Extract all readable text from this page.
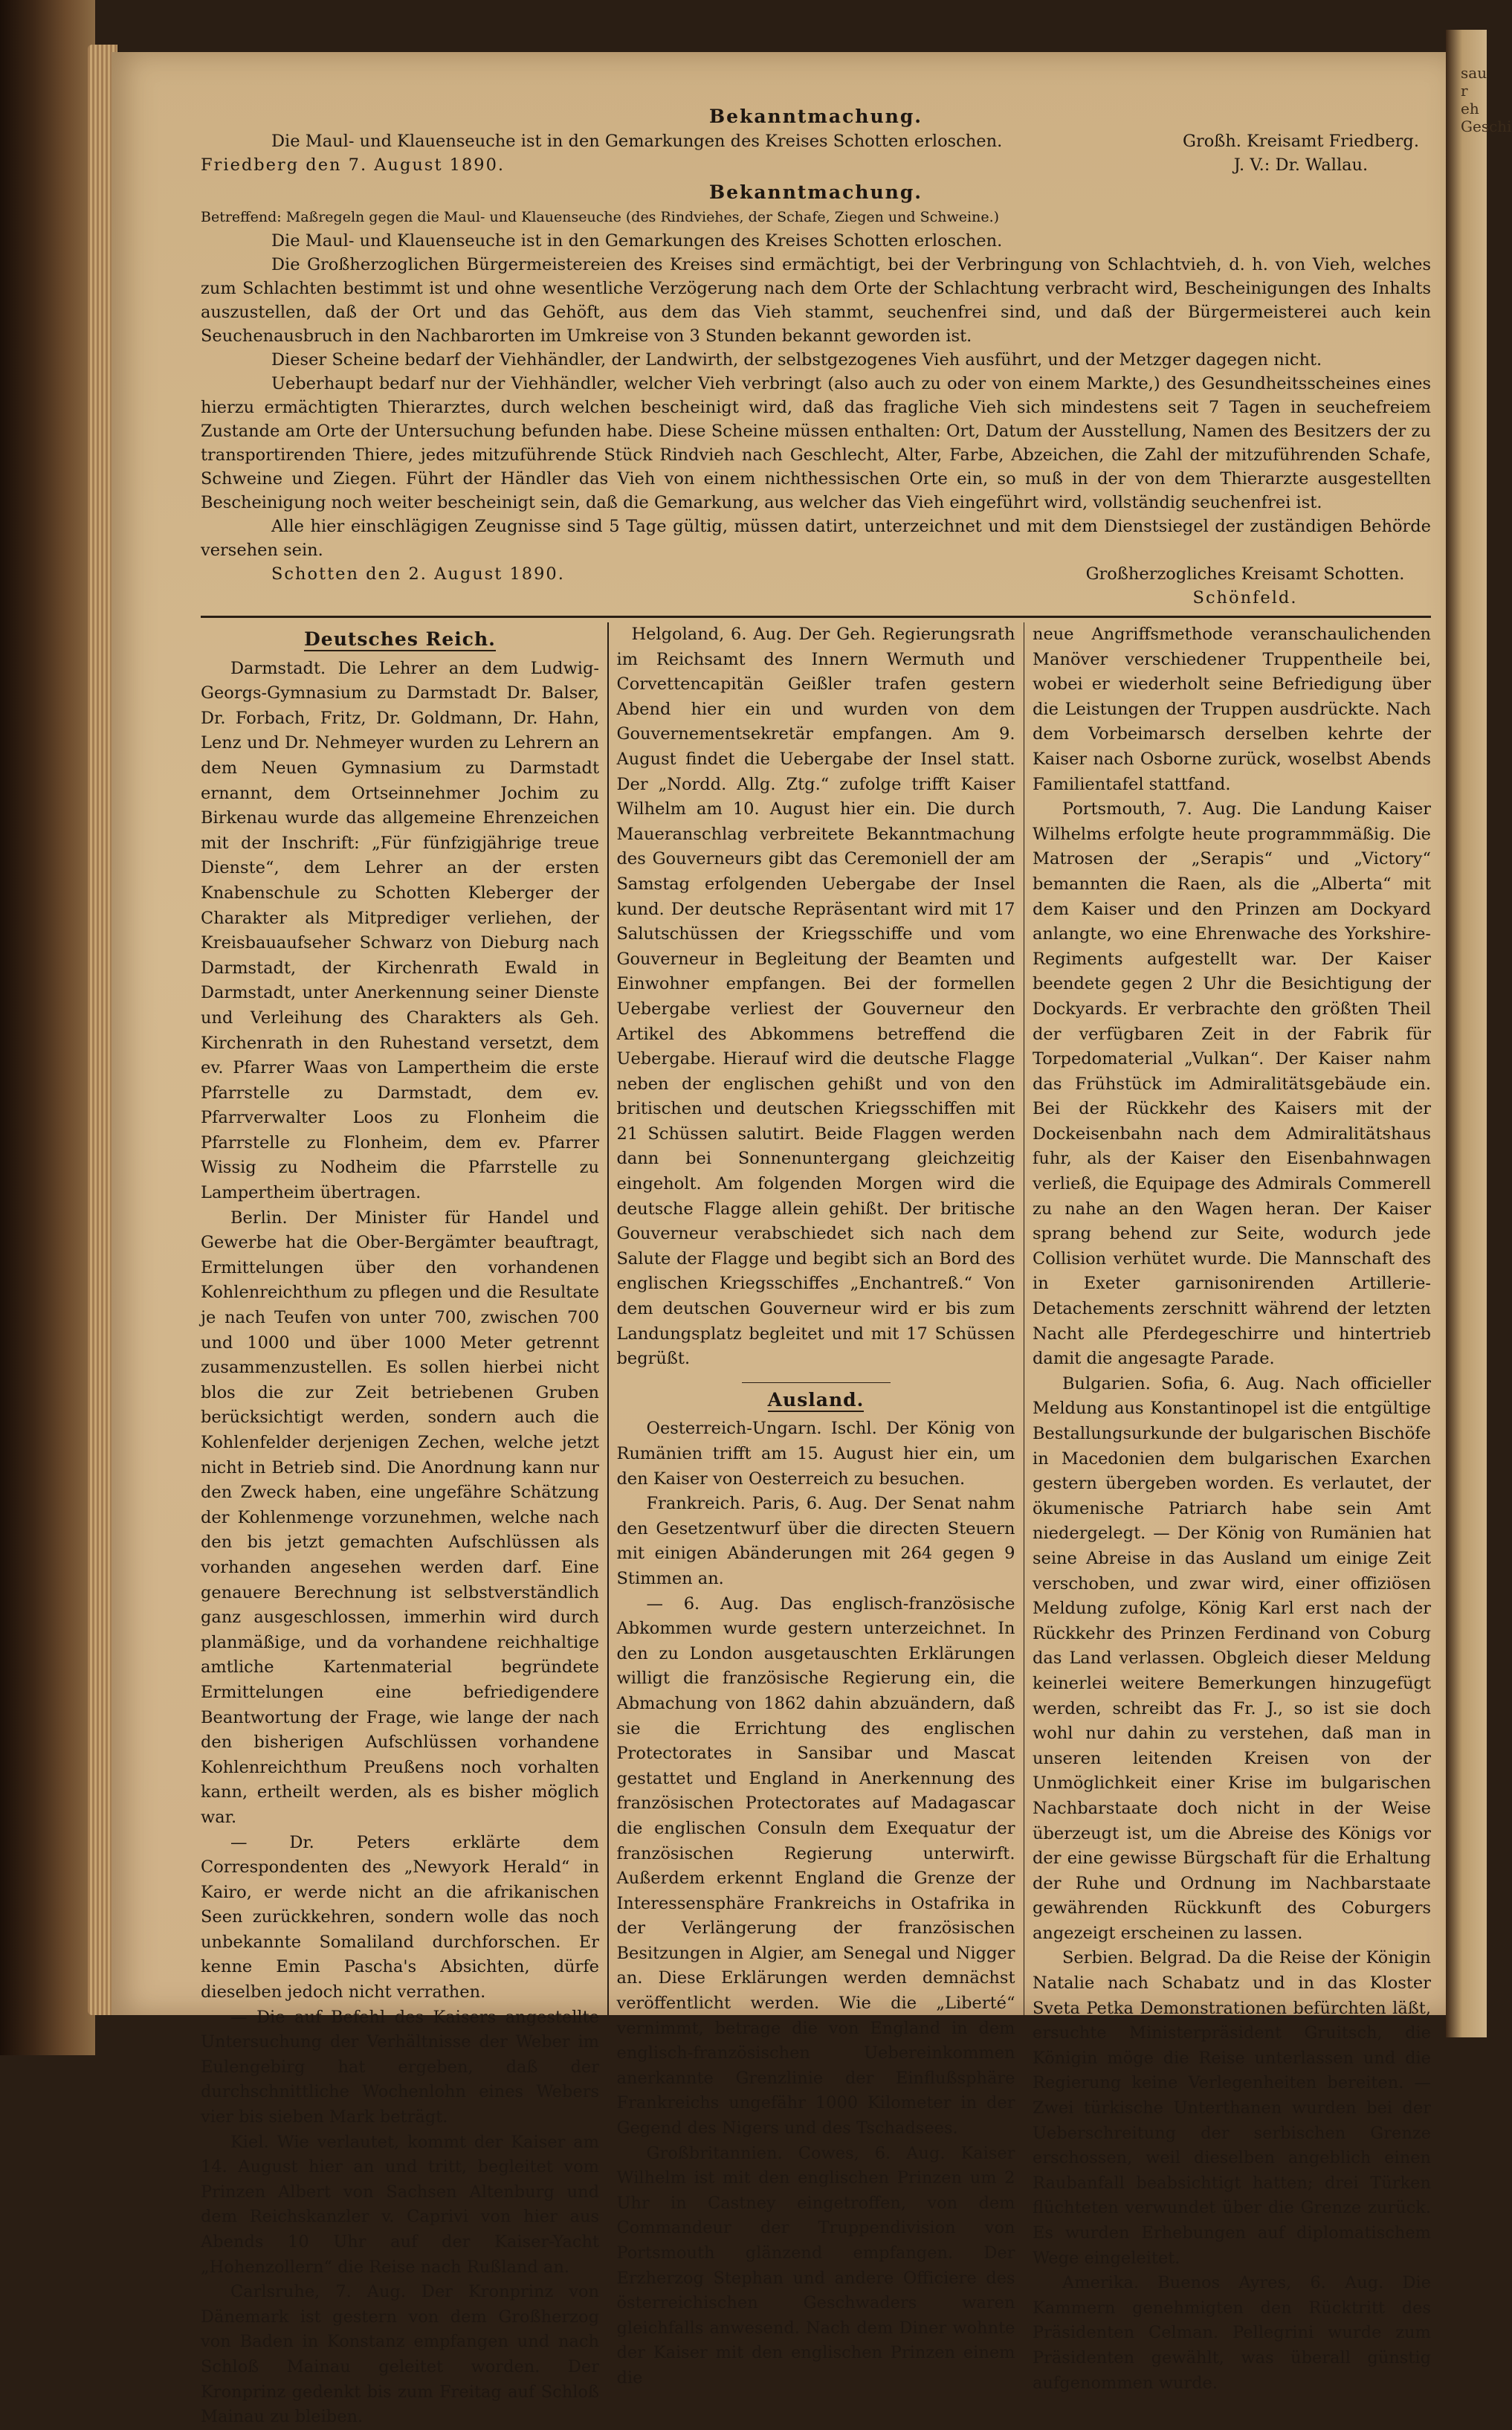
sau r eh Geschi
Bekanntmachung.

Die Maul- und Klauenseuche ist in den Gemarkungen des Kreises Schotten erloschen.

Friedberg den 7. August 1890.

Großh. Kreisamt Friedberg.

J. V.: Dr. Wallau.

Bekanntmachung.

Betreffend: Maßregeln gegen die Maul- und Klauenseuche (des Rindviehes, der Schafe, Ziegen und Schweine.)

Die Maul- und Klauenseuche ist in den Gemarkungen des Kreises Schotten erloschen.

Die Großherzoglichen Bürgermeistereien des Kreises sind ermächtigt, bei der Verbringung von Schlachtvieh, d. h. von Vieh, welches zum Schlachten bestimmt ist und ohne wesentliche Verzögerung nach dem Orte der Schlachtung verbracht wird, Bescheinigungen des Inhalts auszustellen, daß der Ort und das Gehöft, aus dem das Vieh stammt, seuchenfrei sind, und daß der Bürgermeisterei auch kein Seuchenausbruch in den Nachbarorten im Umkreise von 3 Stunden bekannt geworden ist.

Dieser Scheine bedarf der Viehhändler, der Landwirth, der selbstgezogenes Vieh ausführt, und der Metzger dagegen nicht.

Ueberhaupt bedarf nur der Viehhändler, welcher Vieh verbringt (also auch zu oder von einem Markte,) des Gesundheitsscheines eines hierzu ermächtigten Thierarztes, durch welchen bescheinigt wird, daß das fragliche Vieh sich mindestens seit 7 Tagen in seuchefreiem Zustande am Orte der Untersuchung befunden habe. Diese Scheine müssen enthalten: Ort, Datum der Ausstellung, Namen des Besitzers der zu transportirenden Thiere, jedes mitzuführende Stück Rindvieh nach Geschlecht, Alter, Farbe, Abzeichen, die Zahl der mitzuführenden Schafe, Schweine und Ziegen. Führt der Händler das Vieh von einem nichthessischen Orte ein, so muß in der von dem Thierarzte ausgestellten Bescheinigung noch weiter bescheinigt sein, daß die Gemarkung, aus welcher das Vieh eingeführt wird, vollständig seuchenfrei ist.

Alle hier einschlägigen Zeugnisse sind 5 Tage gültig, müssen datirt, unterzeichnet und mit dem Dienstsiegel der zuständigen Behörde versehen sein.

Schotten den 2. August 1890.	Großherzogliches Kreisamt Schotten.

Schönfeld.

Deutsches Reich.

Darmstadt. Die Lehrer an dem Ludwig-Georgs-Gymnasium zu Darmstadt Dr. Balser, Dr. Forbach, Fritz, Dr. Goldmann, Dr. Hahn, Lenz und Dr. Nehmeyer wurden zu Lehrern an dem Neuen Gymnasium zu Darmstadt ernannt, dem Ortseinnehmer Jochim zu Birkenau wurde das allgemeine Ehrenzeichen mit der Inschrift: „Für fünfzigjährige treue Dienste“, dem Lehrer an der ersten Knabenschule zu Schotten Kleberger der Charakter als Mitprediger verliehen, der Kreisbauaufseher Schwarz von Dieburg nach Darmstadt, der Kirchenrath Ewald in Darmstadt, unter Anerkennung seiner Dienste und Verleihung des Charakters als Geh. Kirchenrath in den Ruhestand versetzt, dem ev. Pfarrer Waas von Lampertheim die erste Pfarrstelle zu Darmstadt, dem ev. Pfarrverwalter Loos zu Flonheim die Pfarrstelle zu Flonheim, dem ev. Pfarrer Wissig zu Nodheim die Pfarrstelle zu Lampertheim übertragen.

Berlin. Der Minister für Handel und Gewerbe hat die Ober-Bergämter beauftragt, Ermittelungen über den vorhandenen Kohlenreichthum zu pflegen und die Resultate je nach Teufen von unter 700, zwischen 700 und 1000 und über 1000 Meter getrennt zusammenzustellen. Es sollen hierbei nicht blos die zur Zeit betriebenen Gruben berücksichtigt werden, sondern auch die Kohlenfelder derjenigen Zechen, welche jetzt nicht in Betrieb sind. Die Anordnung kann nur den Zweck haben, eine ungefähre Schätzung der Kohlenmenge vorzunehmen, welche nach den bis jetzt gemachten Aufschlüssen als vorhanden angesehen werden darf. Eine genauere Berechnung ist selbstverständlich ganz ausgeschlossen, immerhin wird durch planmäßige, und da vorhandene reichhaltige amtliche Kartenmaterial begründete Ermittelungen eine befriedigendere Beantwortung der Frage, wie lange der nach den bisherigen Aufschlüssen vorhandene Kohlenreichthum Preußens noch vorhalten kann, ertheilt werden, als es bisher möglich war.

— Dr. Peters erklärte dem Correspondenten des „Newyork Herald“ in Kairo, er werde nicht an die afrikanischen Seen zurückkehren, sondern wolle das noch unbekannte Somaliland durchforschen. Er kenne Emin Pascha's Absichten, dürfe dieselben jedoch nicht verrathen.

— Die auf Befehl des Kaisers angestellte Untersuchung der Verhältnisse der Weber im Eulengebirg hat ergeben, daß der durchschnittliche Wochenlohn eines Webers vier bis sieben Mark beträgt.

Kiel. Wie verlautet, kommt der Kaiser am 14. August hier an und tritt, begleitet vom Prinzen Albert von Sachsen Altenburg und dem Reichskanzler v. Caprivi von hier aus Abends 10 Uhr auf der Kaiser-Yacht „Hohenzollern“ die Reise nach Rußland an.

Carlsruhe, 7. Aug. Der Kronprinz von Dänemark ist gestern von dem Großherzog von Baden in Konstanz empfangen und nach Schloß Mainau geleitet worden. Der Kronprinz gedenkt bis zum Freitag auf Schloß Mainau zu bleiben.

Helgoland, 6. Aug. Der Geh. Regierungsrath im Reichsamt des Innern Wermuth und Corvettencapitän Geißler trafen gestern Abend hier ein und wurden von dem Gouvernementsekretär empfangen. Am 9. August findet die Uebergabe der Insel statt. Der „Nordd. Allg. Ztg.“ zufolge trifft Kaiser Wilhelm am 10. August hier ein. Die durch Maueranschlag verbreitete Bekanntmachung des Gouverneurs gibt das Ceremoniell der am Samstag erfolgenden Uebergabe der Insel kund. Der deutsche Repräsentant wird mit 17 Salutschüssen der Kriegsschiffe und vom Gouverneur in Begleitung der Beamten und Einwohner empfangen. Bei der formellen Uebergabe verliest der Gouverneur den Artikel des Abkommens betreffend die Uebergabe. Hierauf wird die deutsche Flagge neben der englischen gehißt und von den britischen und deutschen Kriegsschiffen mit 21 Schüssen salutirt. Beide Flaggen werden dann bei Sonnenuntergang gleichzeitig eingeholt. Am folgenden Morgen wird die deutsche Flagge allein gehißt. Der britische Gouverneur verabschiedet sich nach dem Salute der Flagge und begibt sich an Bord des englischen Kriegsschiffes „Enchantreß.“ Von dem deutschen Gouverneur wird er bis zum Landungsplatz begleitet und mit 17 Schüssen begrüßt.

Ausland.

Oesterreich-Ungarn. Ischl. Der König von Rumänien trifft am 15. August hier ein, um den Kaiser von Oesterreich zu besuchen.

Frankreich. Paris, 6. Aug. Der Senat nahm den Gesetzentwurf über die directen Steuern mit einigen Abänderungen mit 264 gegen 9 Stimmen an.

— 6. Aug. Das englisch-französische Abkommen wurde gestern unterzeichnet. In den zu London ausgetauschten Erklärungen willigt die französische Regierung ein, die Abmachung von 1862 dahin abzuändern, daß sie die Errichtung des englischen Protectorates in Sansibar und Mascat gestattet und England in Anerkennung des französischen Protectorates auf Madagascar die englischen Consuln dem Exequatur der französischen Regierung unterwirft. Außerdem erkennt England die Grenze der Interessensphäre Frankreichs in Ostafrika in der Verlängerung der französischen Besitzungen in Algier, am Senegal und Nigger an. Diese Erklärungen werden demnächst veröffentlicht werden. Wie die „Liberté“ vernimmt, betrage die von England in dem englisch-französischen Uebereinkommen anerkannte Grenzlinie der Einflußsphäre Frankreichs ungefähr 1000 Kilometer in der Gegend des Nigers und des Tschadsees.

Großbritannien. Cowes, 6. Aug. Kaiser Wilhelm ist mit den englischen Prinzen um 2 Uhr in Castney eingetroffen, von dem Commandeur der Truppendivision von Portsmouth glänzend empfangen. Der Erzherzog Stephan und andere Officiere des österreichischen Geschwaders waren gleichfalls anwesend. Nach dem Diner wohnte der Kaiser mit den englischen Prinzen einem die

neue Angriffsmethode veranschaulichenden Manöver verschiedener Truppentheile bei, wobei er wiederholt seine Befriedigung über die Leistungen der Truppen ausdrückte. Nach dem Vorbeimarsch derselben kehrte der Kaiser nach Osborne zurück, woselbst Abends Familientafel stattfand.

Portsmouth, 7. Aug. Die Landung Kaiser Wilhelms erfolgte heute programmmäßig. Die Matrosen der „Serapis“ und „Victory“ bemannten die Raen, als die „Alberta“ mit dem Kaiser und den Prinzen am Dockyard anlangte, wo eine Ehrenwache des Yorkshire-Regiments aufgestellt war. Der Kaiser beendete gegen 2 Uhr die Besichtigung der Dockyards. Er verbrachte den größten Theil der verfügbaren Zeit in der Fabrik für Torpedomaterial „Vulkan“. Der Kaiser nahm das Frühstück im Admiralitätsgebäude ein. Bei der Rückkehr des Kaisers mit der Dockeisenbahn nach dem Admiralitätshaus fuhr, als der Kaiser den Eisenbahnwagen verließ, die Equipage des Admirals Commerell zu nahe an den Wagen heran. Der Kaiser sprang behend zur Seite, wodurch jede Collision verhütet wurde. Die Mannschaft des in Exeter garnisonirenden Artillerie-Detachements zerschnitt während der letzten Nacht alle Pferdegeschirre und hintertrieb damit die angesagte Parade.

Bulgarien. Sofia, 6. Aug. Nach officieller Meldung aus Konstantinopel ist die entgültige Bestallungsurkunde der bulgarischen Bischöfe in Macedonien dem bulgarischen Exarchen gestern übergeben worden. Es verlautet, der ökumenische Patriarch habe sein Amt niedergelegt. — Der König von Rumänien hat seine Abreise in das Ausland um einige Zeit verschoben, und zwar wird, einer offiziösen Meldung zufolge, König Karl erst nach der Rückkehr des Prinzen Ferdinand von Coburg das Land verlassen. Obgleich dieser Meldung keinerlei weitere Bemerkungen hinzugefügt werden, schreibt das Fr. J., so ist sie doch wohl nur dahin zu verstehen, daß man in unseren leitenden Kreisen von der Unmöglichkeit einer Krise im bulgarischen Nachbarstaate doch nicht in der Weise überzeugt ist, um die Abreise des Königs vor der eine gewisse Bürgschaft für die Erhaltung der Ruhe und Ordnung im Nachbarstaate gewährenden Rückkunft des Coburgers angezeigt erscheinen zu lassen.

Serbien. Belgrad. Da die Reise der Königin Natalie nach Schabatz und in das Kloster Sveta Petka Demonstrationen befürchten läßt, ersuchte Ministerpräsident Gruitsch, die Königin möge die Reise unterlassen und die Regierung keine Verlegenheiten bereiten. — Zwei türkische Unterthanen wurden bei der Ueberschreitung der serbischen Grenze erschossen, weil dieselben angeblich einen Raubanfall beabsichtigt hatten; drei Türken flüchteten verwundet über die Grenze zurück. Es wurden Erhebungen auf diplomatischem Wege eingeleitet.

Amerika. Buenos Ayres, 6. Aug. Die Kammern genehmigten den Rücktritt des Präsidenten Celman. Pellegrini wurde zum Präsidenten gewählt, was überall günstig aufgenommen wurde.
